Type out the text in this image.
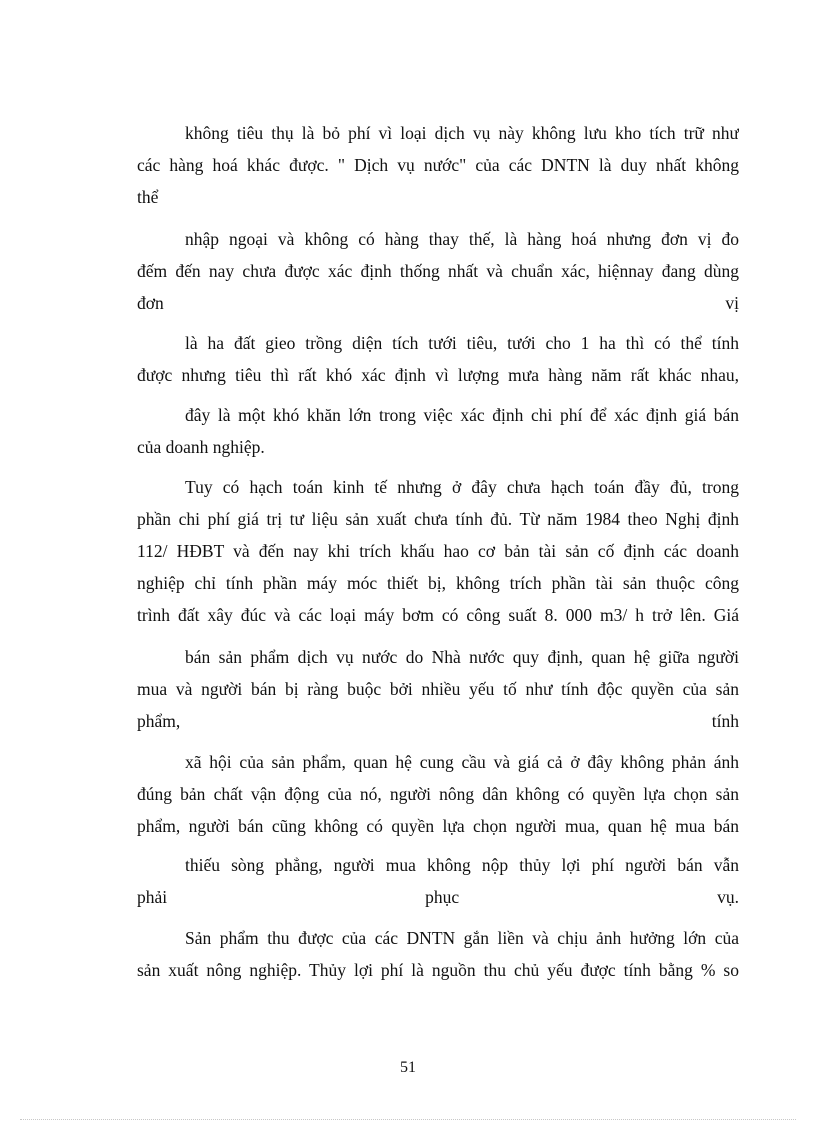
không tiêu thụ là bỏ phí vì loại dịch vụ này không lưu kho tích trữ như
các hàng hoá khác được. " Dịch vụ nước" của các DNTN là duy nhất không
thể
nhập ngoại và không có hàng thay thế, là hàng hoá nhưng đơn vị đo
đếm đến nay chưa được xác định thống nhất và chuẩn xác, hiệnnay đang dùng
đơn vị
là ha đất gieo trồng diện tích tưới tiêu, tưới cho 1 ha thì có thể tính
được nhưng tiêu thì rất khó xác định vì lượng mưa hàng năm rất khác nhau,
đây là một khó khăn lớn trong việc xác định chi phí để xác định giá bán
của doanh nghiệp.
Tuy có hạch toán kinh tế nhưng ở đây chưa hạch toán đầy đủ, trong
phần chi phí giá trị tư liệu sản xuất chưa tính đủ. Từ năm 1984 theo Nghị định
112/ HĐBT và đến nay khi trích khấu hao cơ bản tài sản cố định các doanh
nghiệp chỉ tính phần máy móc thiết bị, không trích phần tài sản thuộc công
trình đất xây đúc và các loại máy bơm có công suất 8. 000 m3/ h trở lên. Giá
bán sản phẩm dịch vụ nước do Nhà nước quy định, quan hệ giữa người
mua và người bán bị ràng buộc bởi nhiều yếu tố như tính độc quyền của sản
phẩm, tính
xã hội của sản phẩm, quan hệ cung cầu và giá cả ở đây không phản ánh
đúng bản chất vận động của nó, người nông dân không có quyền lựa chọn sản
phẩm, người bán cũng không có quyền lựa chọn người mua, quan hệ mua bán
thiếu sòng phẳng, người mua không nộp thủy lợi phí người bán vẫn
phải phục vụ.
Sản phẩm thu được của các DNTN gắn liền và chịu ảnh hưởng lớn của
sản xuất nông nghiệp. Thủy lợi phí là nguồn thu chủ yếu được tính bằng % so
51
